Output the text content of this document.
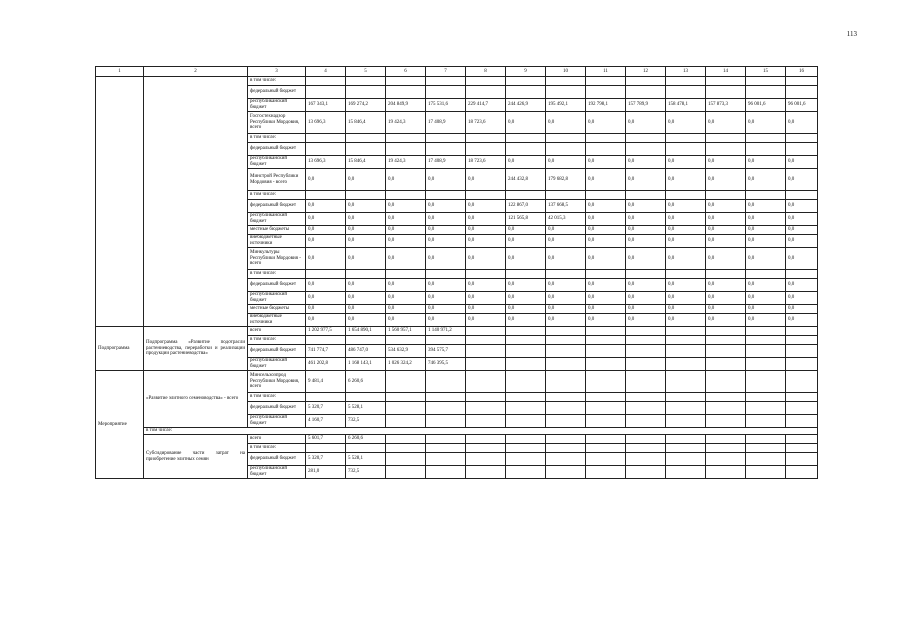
113
1	2	3	4	5	6	7	8	9	10	11	12	13	14	15	16
		в том числе:													
		федеральный бюджет													
		республиканский бюджет	167 343,1	169 274,2	204 849,9	175 531,6	229 414,7	244 426,9	195 492,1	192 798,1	157 789,9	158 478,1	157 873,3	96 001,6	96 001,6
		Госгостехнадзор Республики Мордовия, всего	13 696,3	15 846,4	19 424,3	17 408,9	18 723,6	0,0	0,0	0,0	0,0	0,0	0,0	0,0	0,0
		в том числе:													
		федеральный бюджет													
		республиканский бюджет	13 696,3	15 846,4	19 424,3	17 408,9	18 723,6	0,0	0,0	0,0	0,0	0,0	0,0	0,0	0,0
		Минстрой Республики Мордовия - всего	0,0	0,0	0,0	0,0	0,0	244 432,8	179 682,8	0,0	0,0	0,0	0,0	0,0	0,0
		в том числе:													
		федеральный бюджет	0,0	0,0	0,0	0,0	0,0	122 867,0	137 668,5	0,0	0,0	0,0	0,0	0,0	0,0
		республиканский бюджет	0,0	0,0	0,0	0,0	0,0	121 565,8	42 015,3	0,0	0,0	0,0	0,0	0,0	0,0
		местные бюджеты	0,0	0,0	0,0	0,0	0,0	0,0	0,0	0,0	0,0	0,0	0,0	0,0	0,0
		внебюджетные источники	0,0	0,0	0,0	0,0	0,0	0,0	0,0	0,0	0,0	0,0	0,0	0,0	0,0
		Минкультуры Республики Мордовия - всего	0,0	0,0	0,0	0,0	0,0	0,0	0,0	0,0	0,0	0,0	0,0	0,0	0,0
		в том числе:													
		федеральный бюджет	0,0	0,0	0,0	0,0	0,0	0,0	0,0	0,0	0,0	0,0	0,0	0,0	0,0
		республиканский бюджет	0,0	0,0	0,0	0,0	0,0	0,0	0,0	0,0	0,0	0,0	0,0	0,0	0,0
		местные бюджеты	0,0	0,0	0,0	0,0	0,0	0,0	0,0	0,0	0,0	0,0	0,0	0,0	0,0
		внебюджетные источники	0,0	0,0	0,0	0,0	0,0	0,0	0,0	0,0	0,0	0,0	0,0	0,0	0,0
Подпрограмма	Подпрограмма «Развитие подотрасли растениеводства, переработки и реализации продукции растениеводства»	всего	1 202 977,5	1 654 890,1	1 560 957,1	1 140 971,2									
		в том числе:													
		федеральный бюджет	741 774,7	486 747,0	534 632,9	394 575,7									
		республиканский бюджет	461 202,8	1 168 143,1	1 026 324,2	746 395,5									
Мероприятие	«Развитие элитного семеноводства» - всего	Минсельхозпрод Республики Мордовия, всего	9 481,4	6 260,6											
		в том числе:													
		федеральный бюджет	5 320,7	5 528,1											
		республиканский бюджет	4 160,7	732,5											
	в том числе:														
	Субсидирование части затрат на приобретение элитных семян	всего	5 601,7	6 260,6											
		в том числе:													
		федеральный бюджет	5 320,7	5 528,1											
		республиканский бюджет	281,0	732,5											
